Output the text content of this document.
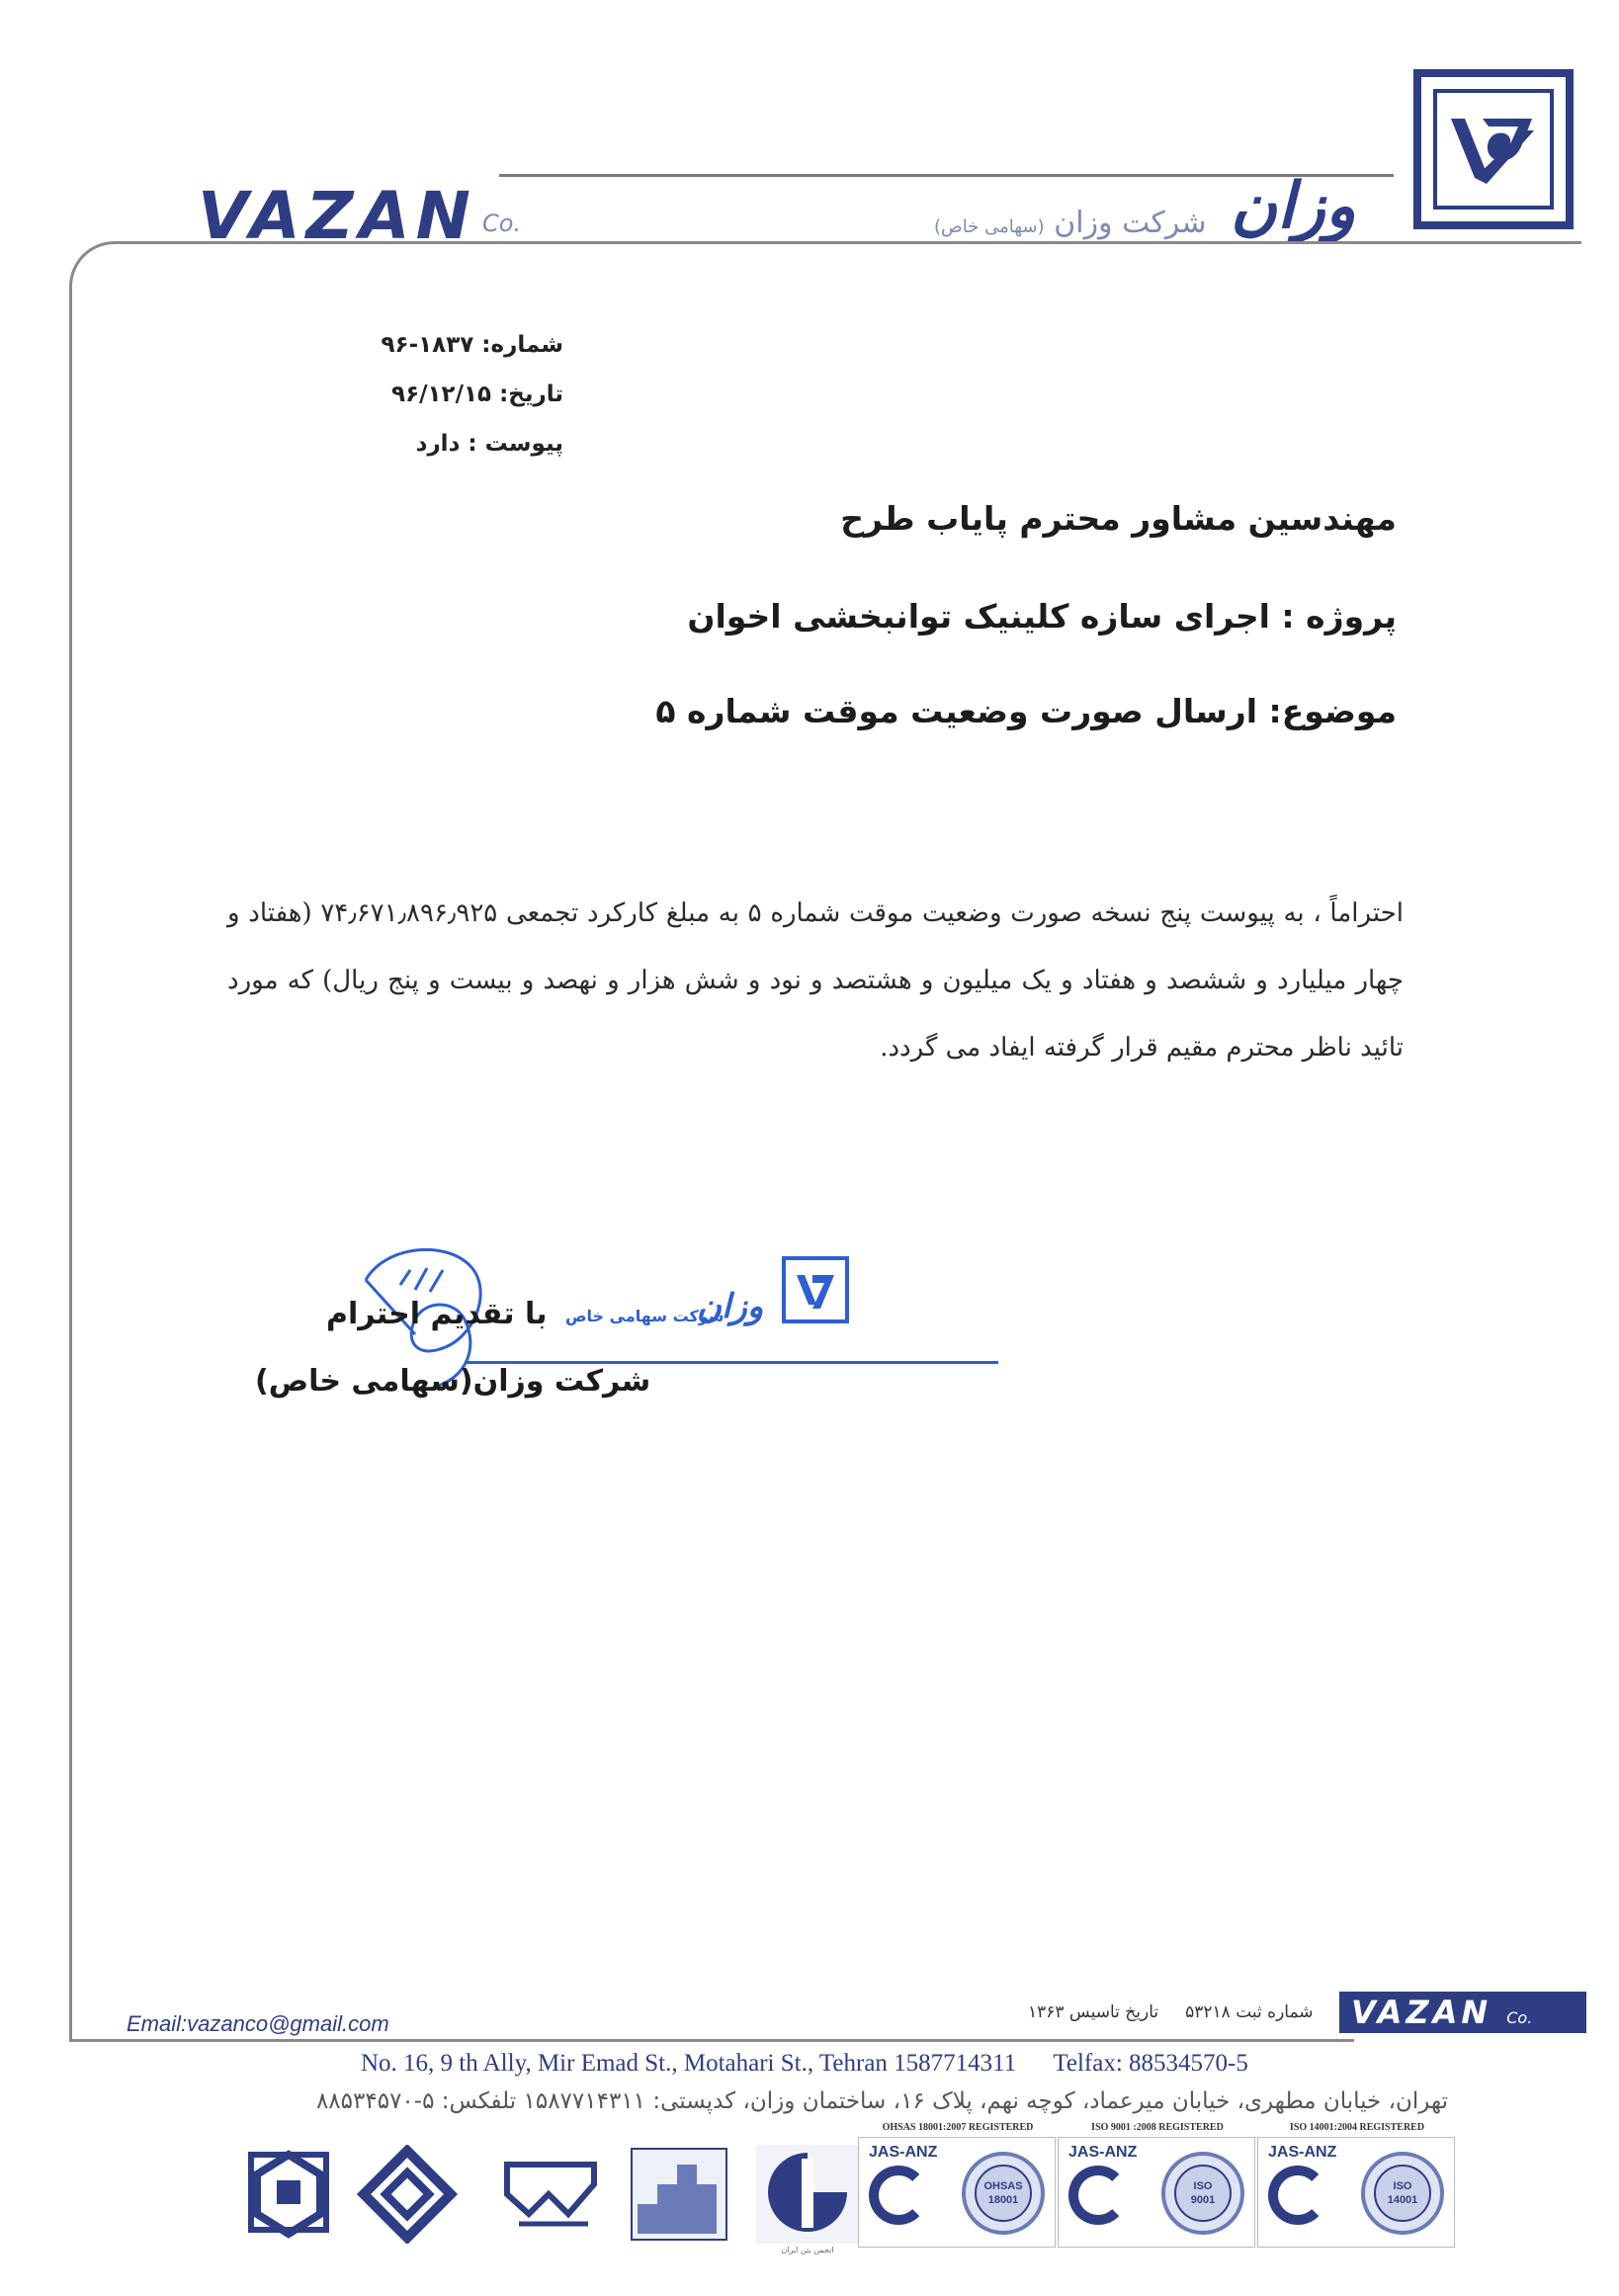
VAZAN Co.	وزان
شرکت وزان (سهامی خاص)
شماره: ۱۸۳۷-۹۶
تاریخ: ۹۶/۱۲/۱۵
پیوست : دارد
مهندسین مشاور محترم پایاب طرح
پروژه : اجرای سازه کلینیک توانبخشی اخوان
موضوع: ارسال صورت وضعیت موقت شماره ۵

احتراماً ، به پیوست پنج نسخه صورت وضعیت موقت شماره ۵ به مبلغ کارکرد تجمعی ۷۴٫۶۷۱٫۸۹۶٫۹۲۵ (هفتاد و چهار میلیارد و ششصد و هفتاد و یک میلیون و هشتصد و نود و شش هزار و نهصد و بیست و پنج ریال) که مورد تائید ناظر محترم مقیم قرار گرفته ایفاد می گردد.

وزان
شرکت سهامی خاص
با تقدیم احترام
شرکت وزان(سهامی خاص)
Email:vazanco@gmail.com	شماره ثبت ۵۳۲۱۸     تاریخ تاسیس ۱۳۶۳	VAZAN Co.
No. 16, 9 th Ally, Mir Emad St., Motahari St., Tehran 1587714311 Telfax: 88534570-5
تهران، خیابان مطهری، خیابان میرعماد، کوچه نهم، پلاک ۱۶، ساختمان وزان، کدپستی: ۱۵۸۷۷۱۴۳۱۱ تلفکس: ۵-۸۸۵۳۴۵۷۰
انجمن بتن ایران
OHSAS 18001:2007 REGISTERED
JAS-ANZ
OHSAS
18001
ISO 9001 :2008 REGISTERED
JAS-ANZ
ISO
9001
ISO 14001:2004 REGISTERED
JAS-ANZ
ISO
14001
